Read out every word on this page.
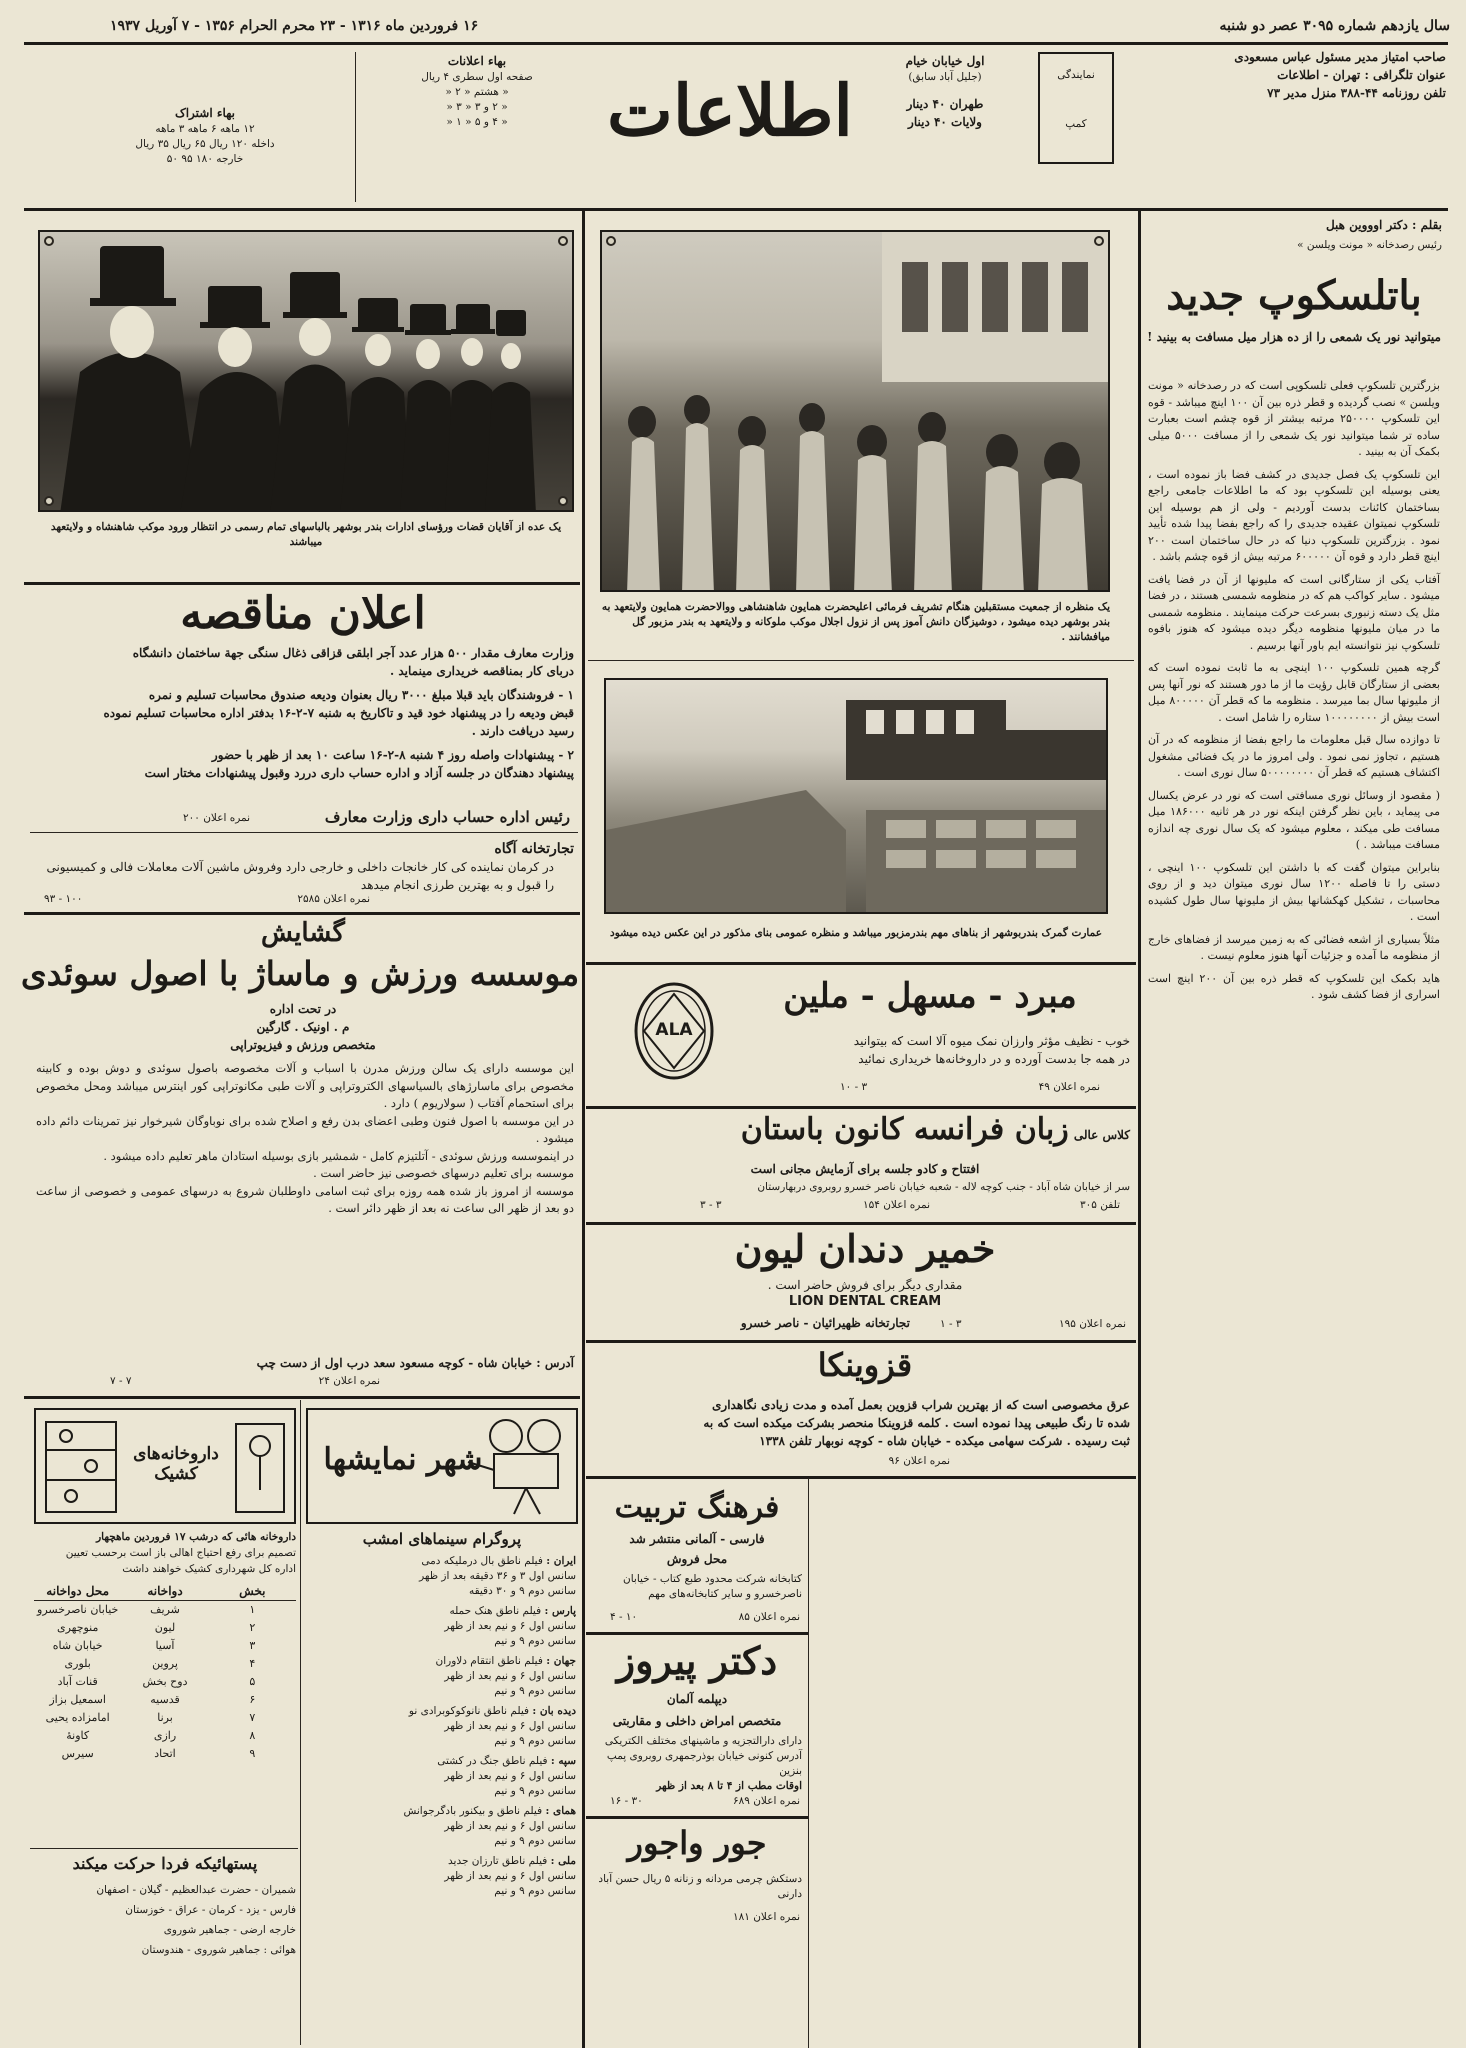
سال یازدهم شماره ۳۰۹۵ عصر دو شنبه
۱۶ فروردین ماه ۱۳۱۶ - ۲۳ محرم الحرام ۱۳۵۶ - ۷ آوریل ۱۹۳۷
صاحب امتیاز مدیر مسئول عباس مسعودی
عنوان تلگرافی : تهران - اطلاعات
تلفن روزنامه ۴۴-۳۸۸ منزل مدیر ۷۳
نمایندگی
کمپ
اول خیابان خیام
(جلیل آباد سابق)
طهران ۴۰ دینار
ولایات ۴۰ دینار
اطلاعات
بهاء اعلانات
صفحه اول سطری ۴ ریال
« هشتم « ۲ «
« ۲ و ۳ « ۳ «
« ۴ و ۵ « ۱ «
بهاء اشتراک
۱۲ ماهه ۶ ماهه ۳ ماهه
داخله ۱۲۰ ریال ۶۵ ریال ۳۵ ریال
خارجه ۱۸۰ ۹۵ ۵۰
یک عده از آقایان قضات ورؤسای ادارات بندر بوشهر بالباسهای تمام رسمی در انتظار ورود موکب شاهنشاه و ولایتعهد میباشند
اعلان مناقصه
وزارت معارف مقدار ۵۰۰ هزار عدد آجر ابلقی قزاقی ذغال سنگی جهة ساختمان دانشگاه
دربای کار بمناقصه خریداری مینماید .
۱ - فروشندگان باید قبلا مبلغ ۳۰۰۰ ریال بعنوان ودیعه صندوق محاسبات تسلیم و نمره
قبض ودیعه را در پیشنهاد خود قید و تاکاریخ به شنبه ۷-۲-۱۶ بدفتر اداره محاسبات تسلیم نموده
رسید دریافت دارند .
۲ - پیشنهادات واصله روز ۴ شنبه ۸-۲-۱۶ ساعت ۱۰ بعد از ظهر با حضور
پیشنهاد دهندگان در جلسه آزاد و اداره حساب داری دررد وقبول پیشنهادات مختار است
رئیس اداره حساب داری وزارت معارف
نمره اعلان ۲۰۰
تجارتخانه آگاه
در کرمان نماینده کی کار خانجات داخلی و خارجی دارد وفروش ماشین آلات معاملات فالی و کمیسیونی را قبول و به بهترین طرزی انجام میدهد
نمره اعلان ۲۵۸۵
۹۳ - ۱۰۰
گشایش
موسسه ورزش و ماساژ با اصول سوئدی
در تحت اداره
م . اونیک . گارگین
متخصص ورزش و فیزیوتراپی

این موسسه دارای یک سالن ورزش مدرن با اسباب و آلات مخصوصه باصول سوئدی و دوش بوده و کابینه مخصوص برای ماسارژهای بالسیاسهای الکتروتراپی و آلات طبی مکانوتراپی کور اینترس میباشد ومحل مخصوص برای استحمام آفتاب ( سولاریوم ) دارد .

در این موسسه با اصول فنون وطبی اعضای بدن رفع و اصلاح شده برای نوباوگان شیرخوار نیز تمرینات دائم داده میشود .

در اینموسسه ورزش سوئدی - آتلتیزم کامل - شمشیر بازی بوسیله استادان ماهر تعلیم داده میشود .

موسسه برای تعلیم درسهای خصوصی نیز حاضر است .

موسسه از امروز باز شده همه روزه برای ثبت اسامی داوطلبان شروع به درسهای عمومی و خصوصی از ساعت دو بعد از ظهر الی ساعت نه بعد از ظهر دائر است .

آدرس : خیابان شاه - کوچه مسعود سعد درب اول از دست چپ
نمره اعلان ۲۴
۷ - ۷
داروخانه‌های کشیک
داروخانه هائی که درشب ۱۷ فروردین ماهچهار
تصمیم برای رفع احتیاج اهالی باز است برحسب تعیین
اداره کل شهرداری کشیک خواهند داشت
بخش
دواخانه
محل دواخانه
۱
شریف
خیابان ناصرخسرو
۲
لیون
منوچهری
۳
آسیا
خیابان شاه
۴
پروین
بلوری
۵
دوح بخش
قنات آباد
۶
قدسیه
اسمعیل بزاز
۷
برنا
امامزاده یحیی
۸
رازی
کاونهٔ
۹
اتحاد
سیرس
پستهائیکه فردا حرکت میکند
شمیران - حضرت عبدالعظیم - گیلان - اصفهان
فارس - یزد - کرمان - عراق - خوزستان
خارجه ارضی - جماهیر شوروی
هوائی : جماهیر شوروی - هندوستان
شهر نمایشها
پروگرام سینماهای امشب
ایران : فیلم ناطق بال درملیکه دمی
سانس اول ۳ و ۳۶ دقیقه بعد از ظهر
سانس دوم ۹ و ۳۰ دقیقه
پارس : فیلم ناطق هنک حمله
سانس اول ۶ و نیم بعد از ظهر
سانس دوم ۹ و نیم
جهان : فیلم ناطق انتقام دلاوران
سانس اول ۶ و نیم بعد از ظهر
سانس دوم ۹ و نیم
دیده بان : فیلم ناطق نانوکوکوبرادی نو
سانس اول ۶ و نیم بعد از ظهر
سانس دوم ۹ و نیم
سپه : فیلم ناطق جنگ در کشتی
سانس اول ۶ و نیم بعد از ظهر
سانس دوم ۹ و نیم
همای : فیلم ناطق و بیکنور بادگرجوانش
سانس اول ۶ و نیم بعد از ظهر
سانس دوم ۹ و نیم
ملی : فیلم ناطق تارزان جدید
سانس اول ۶ و نیم بعد از ظهر
سانس دوم ۹ و نیم
یک منظره از جمعیت مستقبلین هنگام تشریف فرمائی اعلیحضرت همایون شاهنشاهی ووالاحضرت همایون ولایتعهد به بندر بوشهر دیده میشود ، دوشیزگان دانش آموز پس از نزول اجلال موکب ملوکانه و ولایتعهد به بندر مزبور گل میافشانند .
عمارت گمرک بندربوشهر از بناهای مهم بندرمزبور میباشد و منظره عمومی بنای مذکور در این عکس دیده میشود
ALA
مبرد - مسهل - ملین
خوب - نظیف مؤثر وارزان نمک میوه آلا است که بیتوانید
در همه جا بدست آورده و در داروخانه‌ها خریداری نمائید
نمره اعلان ۴۹
۱۰ - ۳
کلاس عالی زبان فرانسه کانون باستان
افتتاح و کادو جلسه برای آزمایش مجانی است
سر از خیابان شاه آباد - جنب کوچه لاله - شعبه خیابان ناصر خسرو روبروی دربهارستان
تلفن ۳۰۵
نمره اعلان ۱۵۴
۳ - ۳
خمیر دندان لیون
مقداری دیگر برای فروش حاضر است .
LION DENTAL CREAM
تجارتخانه ظهیرائیان - ناصر خسرو	نمره اعلان ۱۹۵
۱ - ۳
قزوینکا
عرق مخصوصی است که از بهترین شراب قزوین بعمل آمده و مدت زیادی نگاهداری
شده تا رنگ طبیعی پیدا نموده است . کلمه قزوینکا منحصر بشرکت میکده است که به
ثبت رسیده . شرکت سهامی میکده - خیابان شاه - کوچه نوبهار تلفن ۱۳۳۸
نمره اعلان ۹۶
فرهنگ تربیت
فارسی - آلمانی منتشر شد
محل فروش
کتابخانه شرکت محدود طبع کتاب - خیابان ناصرخسرو و سایر کتابخانه‌های مهم
نمره اعلان ۸۵
۴ - ۱۰
دکتر پیروز
دیپلمه آلمان
متخصص امراض داخلی و مقاربتی
دارای دارالتجزیه و ماشینهای مختلف الکتریکی
آدرس کنونی خیابان بوذرجمهری روبروی پمپ بنزین
اوقات مطب از ۴ تا ۸ بعد از ظهر
نمره اعلان ۶۸۹
۱۶ - ۳۰
جور واجور
دستکش چرمی مردانه و زنانه ۵ ریال حسن آباد دارنی
نمره اعلان ۱۸۱
بقلم : دکتر اوووین هبل
رئیس رصدخانه « مونت ویلسن »
باتلسکوپ جدید
میتوانید نور یک شمعی را از ده هزار میل مسافت به بینید !

بزرگترین تلسکوپ فعلی تلسکوپی است که در رصدخانه « مونت ویلسن » نصب گردیده و قطر ذره بین آن ۱۰۰ اینچ میباشد - قوه این تلسکوپ ۲۵۰۰۰۰ مرتبه بیشتر از قوه چشم است بعبارت ساده تر شما میتوانید نور یک شمعی را از مسافت ۵۰۰۰ میلی بکمک آن به بینید .

این تلسکوپ یک فصل جدیدی در کشف فضا باز نموده است ، یعنی بوسیله این تلسکوپ بود که ما اطلاعات جامعی راجع بساختمان کائنات بدست آوردیم - ولی از هم بوسیله این تلسکوپ نمیتوان عقیده جدیدی را که راجع بفضا پیدا شده تأیید نمود . بزرگترین تلسکوپ دنیا که در حال ساختمان است ۲۰۰ اینچ قطر دارد و قوه آن ۶۰۰۰۰۰ مرتبه بیش از قوه چشم باشد .

آفتاب یکی از ستارگانی است که ملیونها از آن در فضا یافت میشود . سایر کواکب هم که در منظومه شمسی هستند ، در فضا مثل یک دسته زنبوری بسرعت حرکت مینمایند . منظومه شمسی ما در میان ملیونها منظومه دیگر دیده میشود که هنوز بافوه تلسکوپ نیز نتوانسته ایم باور آنها برسیم .

گرچه همین تلسکوپ ۱۰۰ اینچی به ما ثابت نموده است که بعضی از ستارگان قابل رؤیت ما از ما دور هستند که نور آنها پس از ملیونها سال بما میرسد . منظومه ما که قطر آن ۸۰۰۰۰۰ میل است بیش از ۱۰۰۰۰۰۰۰۰ ستاره را شامل است .

تا دوازده سال قبل معلومات ما راجع بفضا از منظومه که در آن هستیم ، تجاوز نمی نمود . ولی امروز ما در یک فضائی مشغول اکتشاف هستیم که قطر آن ۵۰۰۰۰۰۰۰۰ سال نوری است .

( مقصود از وسائل نوری مسافتی است که نور در عرض یکسال می پیماید ، باین نظر گرفتن اینکه نور در هر ثانیه ۱۸۶۰۰۰ میل مسافت طی میکند ، معلوم میشود که یک سال نوری چه اندازه مسافت میباشد . )

بنابراین میتوان گفت که با داشتن این تلسکوپ ۱۰۰ اینچی ، دستی را تا فاصله ۱۲۰۰ سال نوری میتوان دید و از روی محاسبات ، تشکیل کهکشانها بیش از ملیونها سال طول کشیده است .

مثلاً بسیاری از اشعه فضائی که به زمین میرسد از فضاهای خارج از منظومه ما آمده و جزئیات آنها هنوز معلوم نیست .

هاید بکمک این تلسکوپ که قطر ذره بین آن ۲۰۰ اینچ است اسراری از فضا کشف شود .
